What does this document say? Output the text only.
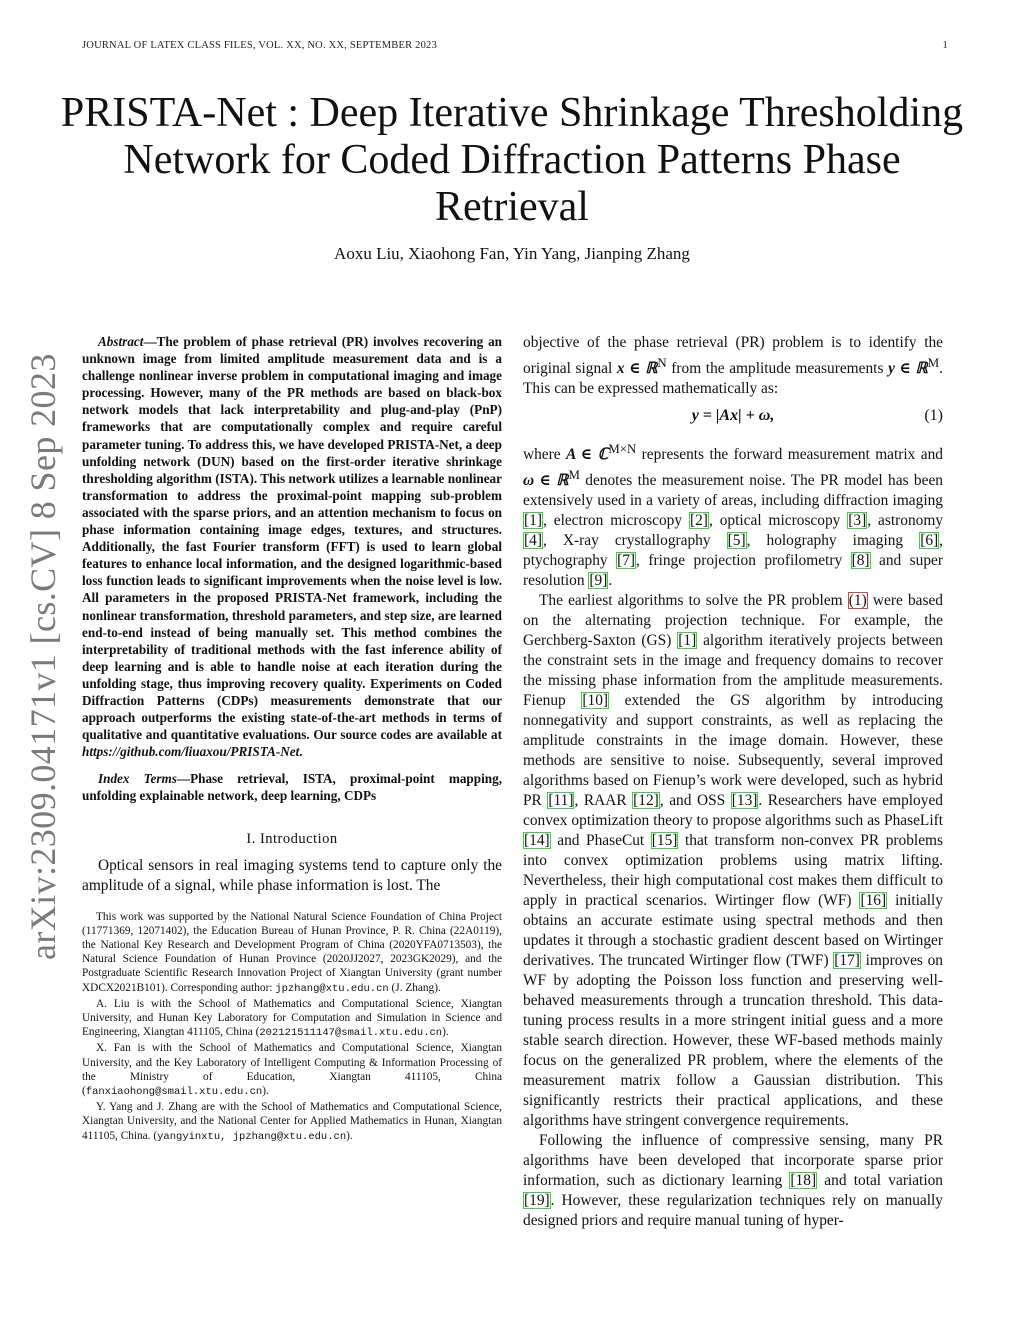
JOURNAL OF LATEX CLASS FILES, VOL. XX, NO. XX, SEPTEMBER 2023	1
PRISTA-Net : Deep Iterative Shrinkage Thresholding Network for Coded Diffraction Patterns Phase Retrieval
Aoxu Liu, Xiaohong Fan, Yin Yang, Jianping Zhang
arXiv:2309.04171v1 [cs.CV] 8 Sep 2023

Abstract—The problem of phase retrieval (PR) involves recovering an unknown image from limited amplitude measurement data and is a challenge nonlinear inverse problem in computational imaging and image processing. However, many of the PR methods are based on black-box network models that lack interpretability and plug-and-play (PnP) frameworks that are computationally complex and require careful parameter tuning. To address this, we have developed PRISTA-Net, a deep unfolding network (DUN) based on the first-order iterative shrinkage thresholding algorithm (ISTA). This network utilizes a learnable nonlinear transformation to address the proximal-point mapping sub-problem associated with the sparse priors, and an attention mechanism to focus on phase information containing image edges, textures, and structures. Additionally, the fast Fourier transform (FFT) is used to learn global features to enhance local information, and the designed logarithmic-based loss function leads to significant improvements when the noise level is low. All parameters in the proposed PRISTA-Net framework, including the nonlinear transformation, threshold parameters, and step size, are learned end-to-end instead of being manually set. This method combines the interpretability of traditional methods with the fast inference ability of deep learning and is able to handle noise at each iteration during the unfolding stage, thus improving recovery quality. Experiments on Coded Diffraction Patterns (CDPs) measurements demonstrate that our approach outperforms the existing state-of-the-art methods in terms of qualitative and quantitative evaluations. Our source codes are available at https://github.com/liuaxou/PRISTA-Net.

Index Terms—Phase retrieval, ISTA, proximal-point mapping, unfolding explainable network, deep learning, CDPs

I. Introduction

Optical sensors in real imaging systems tend to capture only the amplitude of a signal, while phase information is lost. The

This work was supported by the National Natural Science Foundation of China Project (11771369, 12071402), the Education Bureau of Hunan Province, P. R. China (22A0119), the National Key Research and Development Program of China (2020YFA0713503), the Natural Science Foundation of Hunan Province (2020JJ2027, 2023GK2029), and the Postgraduate Scientific Research Innovation Project of Xiangtan University (grant number XDCX2021B101). Corresponding author: jpzhang@xtu.edu.cn (J. Zhang).

A. Liu is with the School of Mathematics and Computational Science, Xiangtan University, and Hunan Key Laboratory for Computation and Simulation in Science and Engineering, Xiangtan 411105, China (202121511147@smail.xtu.edu.cn).

X. Fan is with the School of Mathematics and Computational Science, Xiangtan University, and the Key Laboratory of Intelligent Computing & Information Processing of the Ministry of Education, Xiangtan 411105, China (fanxiaohong@smail.xtu.edu.cn).

Y. Yang and J. Zhang are with the School of Mathematics and Computational Science, Xiangtan University, and the National Center for Applied Mathematics in Hunan, Xiangtan 411105, China. (yangyinxtu, jpzhang@xtu.edu.cn).

objective of the phase retrieval (PR) problem is to identify the original signal x ∈ ℝ$^N$ from the amplitude measurements y ∈ ℝ$^M$. This can be expressed mathematically as:

y = |Ax| + ω,	(1)

where A ∈ ℂ$^{M\times N}$ represents the forward measurement matrix and ω ∈ ℝ$^M$ denotes the measurement noise. The PR model has been extensively used in a variety of areas, including diffraction imaging [1], electron microscopy [2], optical microscopy [3], astronomy [4], X-ray crystallography [5], holography imaging [6], ptychography [7], fringe projection profilometry [8] and super resolution [9].

The earliest algorithms to solve the PR problem (1) were based on the alternating projection technique. For example, the Gerchberg-Saxton (GS) [1] algorithm iteratively projects between the constraint sets in the image and frequency domains to recover the missing phase information from the amplitude measurements. Fienup [10] extended the GS algorithm by introducing nonnegativity and support constraints, as well as replacing the amplitude constraints in the image domain. However, these methods are sensitive to noise. Subsequently, several improved algorithms based on Fienup’s work were developed, such as hybrid PR [11], RAAR [12], and OSS [13]. Researchers have employed convex optimization theory to propose algorithms such as PhaseLift [14] and PhaseCut [15] that transform non-convex PR problems into convex optimization problems using matrix lifting. Nevertheless, their high computational cost makes them difficult to apply in practical scenarios. Wirtinger flow (WF) [16] initially obtains an accurate estimate using spectral methods and then updates it through a stochastic gradient descent based on Wirtinger derivatives. The truncated Wirtinger flow (TWF) [17] improves on WF by adopting the Poisson loss function and preserving well-behaved measurements through a truncation threshold. This data-tuning process results in a more stringent initial guess and a more stable search direction. However, these WF-based methods mainly focus on the generalized PR problem, where the elements of the measurement matrix follow a Gaussian distribution. This significantly restricts their practical applications, and these algorithms have stringent convergence requirements.

Following the influence of compressive sensing, many PR algorithms have been developed that incorporate sparse prior information, such as dictionary learning [18] and total variation [19]. However, these regularization techniques rely on manually designed priors and require manual tuning of hyper-
